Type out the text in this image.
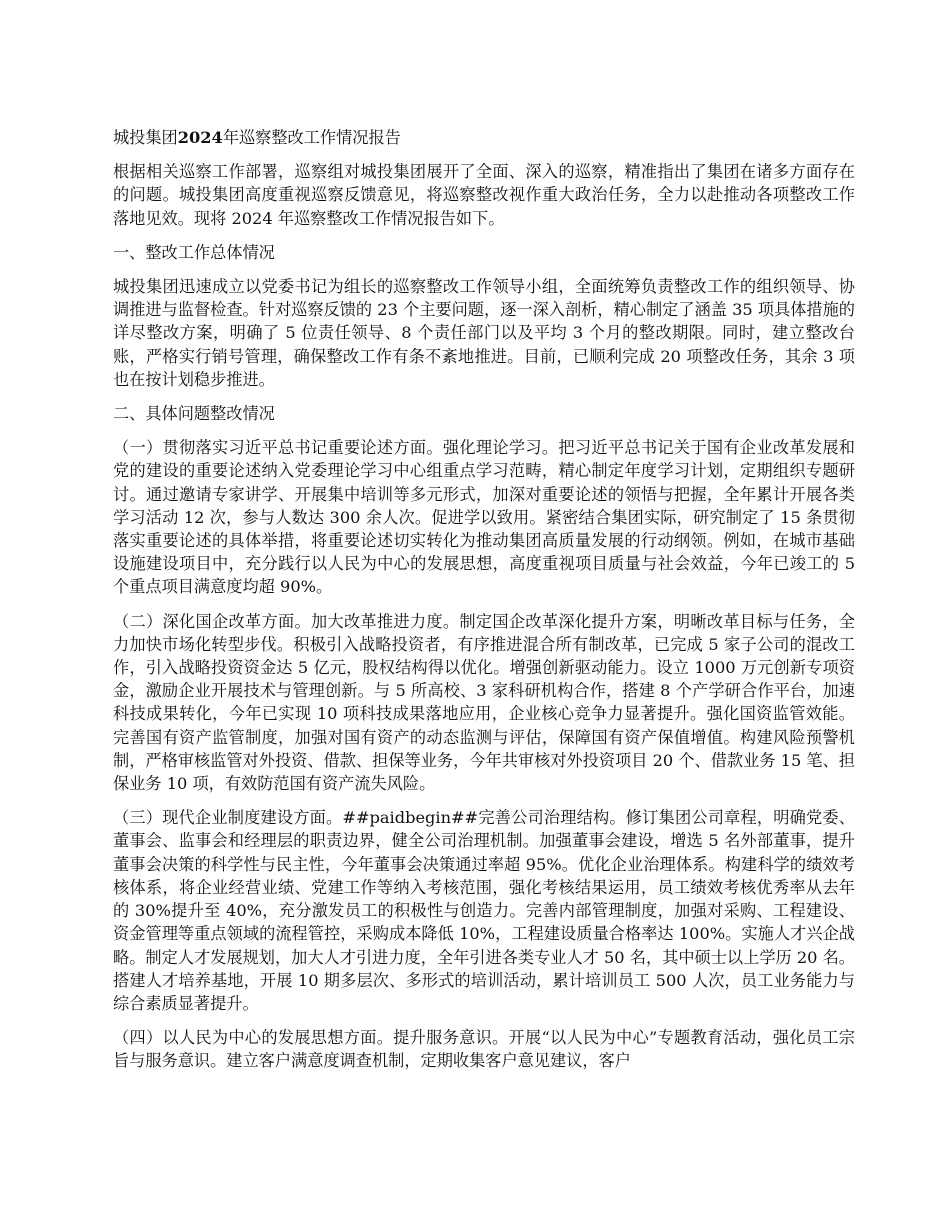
城投集团2024年巡察整改工作情况报告
根据相关巡察工作部署，巡察组对城投集团展开了全面、深入的巡察，精准指出了集团在诸多方面存在的问题。城投集团高度重视巡察反馈意见，将巡察整改视作重大政治任务，全力以赴推动各项整改工作落地见效。现将 2024 年巡察整改工作情况报告如下。
一、整改工作总体情况
城投集团迅速成立以党委书记为组长的巡察整改工作领导小组，全面统筹负责整改工作的组织领导、协调推进与监督检查。针对巡察反馈的 23 个主要问题，逐一深入剖析，精心制定了涵盖 35 项具体措施的详尽整改方案，明确了 5 位责任领导、8 个责任部门以及平均 3 个月的整改期限。同时，建立整改台账，严格实行销号管理，确保整改工作有条不紊地推进。目前，已顺利完成 20 项整改任务，其余 3 项也在按计划稳步推进。
二、具体问题整改情况
（一）贯彻落实习近平总书记重要论述方面。强化理论学习。把习近平总书记关于国有企业改革发展和党的建设的重要论述纳入党委理论学习中心组重点学习范畴，精心制定年度学习计划，定期组织专题研讨。通过邀请专家讲学、开展集中培训等多元形式，加深对重要论述的领悟与把握，全年累计开展各类学习活动 12 次，参与人数达 300 余人次。促进学以致用。紧密结合集团实际，研究制定了 15 条贯彻落实重要论述的具体举措，将重要论述切实转化为推动集团高质量发展的行动纲领。例如，在城市基础设施建设项目中，充分践行以人民为中心的发展思想，高度重视项目质量与社会效益，今年已竣工的 5 个重点项目满意度均超 90%。
（二）深化国企改革方面。加大改革推进力度。制定国企改革深化提升方案，明晰改革目标与任务，全力加快市场化转型步伐。积极引入战略投资者，有序推进混合所有制改革，已完成 5 家子公司的混改工作，引入战略投资资金达 5 亿元，股权结构得以优化。增强创新驱动能力。设立 1000 万元创新专项资金，激励企业开展技术与管理创新。与 5 所高校、3 家科研机构合作，搭建 8 个产学研合作平台，加速科技成果转化，今年已实现 10 项科技成果落地应用，企业核心竞争力显著提升。强化国资监管效能。完善国有资产监管制度，加强对国有资产的动态监测与评估，保障国有资产保值增值。构建风险预警机制，严格审核监管对外投资、借款、担保等业务，今年共审核对外投资项目 20 个、借款业务 15 笔、担保业务 10 项，有效防范国有资产流失风险。
（三）现代企业制度建设方面。##paidbegin##完善公司治理结构。修订集团公司章程，明确党委、董事会、监事会和经理层的职责边界，健全公司治理机制。加强董事会建设，增选 5 名外部董事，提升董事会决策的科学性与民主性，今年董事会决策通过率超 95%。优化企业治理体系。构建科学的绩效考核体系，将企业经营业绩、党建工作等纳入考核范围，强化考核结果运用，员工绩效考核优秀率从去年的 30%提升至 40%，充分激发员工的积极性与创造力。完善内部管理制度，加强对采购、工程建设、资金管理等重点领域的流程管控，采购成本降低 10%，工程建设质量合格率达 100%。实施人才兴企战略。制定人才发展规划，加大人才引进力度，全年引进各类专业人才 50 名，其中硕士以上学历 20 名。搭建人才培养基地，开展 10 期多层次、多形式的培训活动，累计培训员工 500 人次，员工业务能力与综合素质显著提升。
（四）以人民为中心的发展思想方面。提升服务意识。开展“以人民为中心”专题教育活动，强化员工宗旨与服务意识。建立客户满意度调查机制，定期收集客户意见建议，客户
